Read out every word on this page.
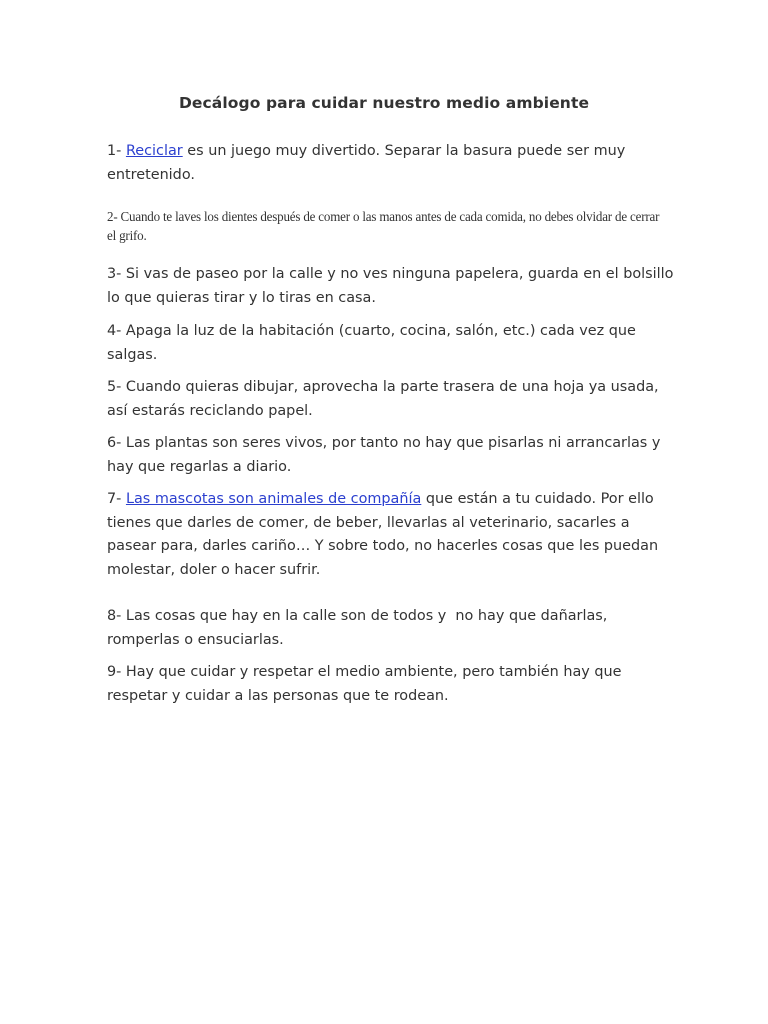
Decálogo para cuidar nuestro medio ambiente
1- Reciclar es un juego muy divertido. Separar la basura puede ser muy entretenido.
2- Cuando te laves los dientes después de comer o las manos antes de cada comida, no debes olvidar de cerrar el grifo.
3- Si vas de paseo por la calle y no ves ninguna papelera, guarda en el bolsillo lo que quieras tirar y lo tiras en casa.
4- Apaga la luz de la habitación (cuarto, cocina, salón, etc.) cada vez que salgas.
5- Cuando quieras dibujar, aprovecha la parte trasera de una hoja ya usada, así estarás reciclando papel.
6- Las plantas son seres vivos, por tanto no hay que pisarlas ni arrancarlas y hay que regarlas a diario.
7- Las mascotas son animales de compañía que están a tu cuidado. Por ello tienes que darles de comer, de beber, llevarlas al veterinario, sacarles a pasear para, darles cariño… Y sobre todo, no hacerles cosas que les puedan molestar, doler o hacer sufrir.
8- Las cosas que hay en la calle son de todos y  no hay que dañarlas, romperlas o ensuciarlas.
9- Hay que cuidar y respetar el medio ambiente, pero también hay que respetar y cuidar a las personas que te rodean.
